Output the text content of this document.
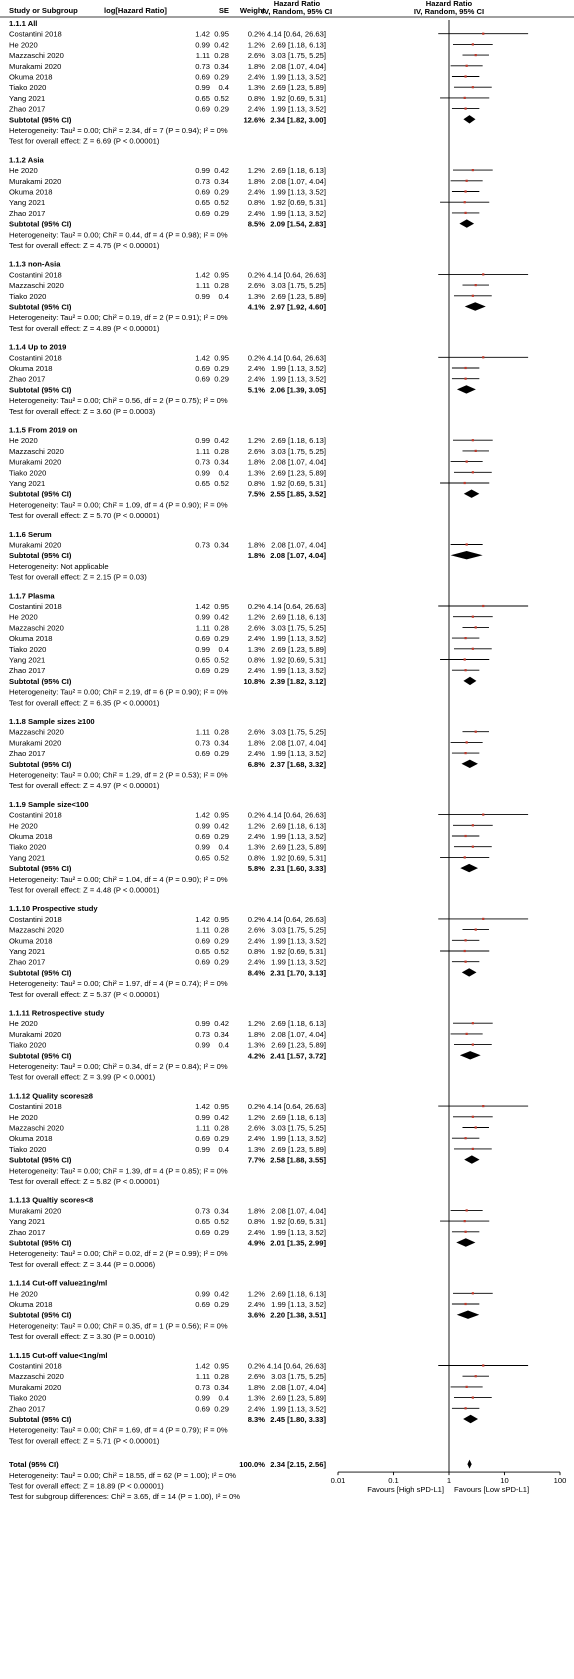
Study or Subgroup	log[Hazard Ratio]	SE Weight
Hazard Ratio
IV, Random, 95% CI
Hazard Ratio
IV, Random, 95% CI
1.1.1 All
Costantini 2018	1.42 0.95 0.2% 4.14 [0.64, 26.63]
He 2020	0.99 0.42 1.2% 2.69 [1.18, 6.13]
Mazzaschi 2020	1.11 0.28 2.6% 3.03 [1.75, 5.25]
Murakami 2020	0.73 0.34 1.8% 2.08 [1.07, 4.04]
Okuma 2018	0.69 0.29 2.4% 1.99 [1.13, 3.52]
Tiako 2020	0.99 0.4 1.3% 2.69 [1.23, 5.89]
Yang 2021	0.65 0.52 0.8% 1.92 [0.69, 5.31]
Zhao 2017	0.69 0.29 2.4% 1.99 [1.13, 3.52]
Subtotal (95% CI)	12.6% 2.34 [1.82, 3.00]
Heterogeneity: Tau² = 0.00; Chi² = 2.34, df = 7 (P = 0.94); I² = 0%
Test for overall effect: Z = 6.69 (P < 0.00001)
1.1.2 Asia
He 2020	0.99 0.42 1.2% 2.69 [1.18, 6.13]
Murakami 2020	0.73 0.34 1.8% 2.08 [1.07, 4.04]
Okuma 2018	0.69 0.29 2.4% 1.99 [1.13, 3.52]
Yang 2021	0.65 0.52 0.8% 1.92 [0.69, 5.31]
Zhao 2017	0.69 0.29 2.4% 1.99 [1.13, 3.52]
Subtotal (95% CI)	8.5% 2.09 [1.54, 2.83]
Heterogeneity: Tau² = 0.00; Chi² = 0.44, df = 4 (P = 0.98); I² = 0%
Test for overall effect: Z = 4.75 (P < 0.00001)
1.1.3 non-Asia
Costantini 2018	1.42 0.95 0.2% 4.14 [0.64, 26.63]
Mazzaschi 2020	1.11 0.28 2.6% 3.03 [1.75, 5.25]
Tiako 2020	0.99 0.4 1.3% 2.69 [1.23, 5.89]
Subtotal (95% CI)	4.1% 2.97 [1.92, 4.60]
Heterogeneity: Tau² = 0.00; Chi² = 0.19, df = 2 (P = 0.91); I² = 0%
Test for overall effect: Z = 4.89 (P < 0.00001)
1.1.4 Up to 2019
Costantini 2018	1.42 0.95 0.2% 4.14 [0.64, 26.63]
Okuma 2018	0.69 0.29 2.4% 1.99 [1.13, 3.52]
Zhao 2017	0.69 0.29 2.4% 1.99 [1.13, 3.52]
Subtotal (95% CI)	5.1% 2.06 [1.39, 3.05]
Heterogeneity: Tau² = 0.00; Chi² = 0.56, df = 2 (P = 0.75); I² = 0%
Test for overall effect: Z = 3.60 (P = 0.0003)
1.1.5 From 2019 on
He 2020	0.99 0.42 1.2% 2.69 [1.18, 6.13]
Mazzaschi 2020	1.11 0.28 2.6% 3.03 [1.75, 5.25]
Murakami 2020	0.73 0.34 1.8% 2.08 [1.07, 4.04]
Tiako 2020	0.99 0.4 1.3% 2.69 [1.23, 5.89]
Yang 2021	0.65 0.52 0.8% 1.92 [0.69, 5.31]
Subtotal (95% CI)	7.5% 2.55 [1.85, 3.52]
Heterogeneity: Tau² = 0.00; Chi² = 1.09, df = 4 (P = 0.90); I² = 0%
Test for overall effect: Z = 5.70 (P < 0.00001)
1.1.6 Serum
Murakami 2020	0.73 0.34 1.8% 2.08 [1.07, 4.04]
Subtotal (95% CI)	1.8% 2.08 [1.07, 4.04]
Heterogeneity: Not applicable
Test for overall effect: Z = 2.15 (P = 0.03)
1.1.7 Plasma
Costantini 2018	1.42 0.95 0.2% 4.14 [0.64, 26.63]
He 2020	0.99 0.42 1.2% 2.69 [1.18, 6.13]
Mazzaschi 2020	1.11 0.28 2.6% 3.03 [1.75, 5.25]
Okuma 2018	0.69 0.29 2.4% 1.99 [1.13, 3.52]
Tiako 2020	0.99 0.4 1.3% 2.69 [1.23, 5.89]
Yang 2021	0.65 0.52 0.8% 1.92 [0.69, 5.31]
Zhao 2017	0.69 0.29 2.4% 1.99 [1.13, 3.52]
Subtotal (95% CI)	10.8% 2.39 [1.82, 3.12]
Heterogeneity: Tau² = 0.00; Chi² = 2.19, df = 6 (P = 0.90); I² = 0%
Test for overall effect: Z = 6.35 (P < 0.00001)
1.1.8 Sample sizes ≥100
Mazzaschi 2020	1.11 0.28 2.6% 3.03 [1.75, 5.25]
Murakami 2020	0.73 0.34 1.8% 2.08 [1.07, 4.04]
Zhao 2017	0.69 0.29 2.4% 1.99 [1.13, 3.52]
Subtotal (95% CI)	6.8% 2.37 [1.68, 3.32]
Heterogeneity: Tau² = 0.00; Chi² = 1.29, df = 2 (P = 0.53); I² = 0%
Test for overall effect: Z = 4.97 (P < 0.00001)
1.1.9 Sample size<100
Costantini 2018	1.42 0.95 0.2% 4.14 [0.64, 26.63]
He 2020	0.99 0.42 1.2% 2.69 [1.18, 6.13]
Okuma 2018	0.69 0.29 2.4% 1.99 [1.13, 3.52]
Tiako 2020	0.99 0.4 1.3% 2.69 [1.23, 5.89]
Yang 2021	0.65 0.52 0.8% 1.92 [0.69, 5.31]
Subtotal (95% CI)	5.8% 2.31 [1.60, 3.33]
Heterogeneity: Tau² = 0.00; Chi² = 1.04, df = 4 (P = 0.90); I² = 0%
Test for overall effect: Z = 4.48 (P < 0.00001)
1.1.10 Prospective study
Costantini 2018	1.42 0.95 0.2% 4.14 [0.64, 26.63]
Mazzaschi 2020	1.11 0.28 2.6% 3.03 [1.75, 5.25]
Okuma 2018	0.69 0.29 2.4% 1.99 [1.13, 3.52]
Yang 2021	0.65 0.52 0.8% 1.92 [0.69, 5.31]
Zhao 2017	0.69 0.29 2.4% 1.99 [1.13, 3.52]
Subtotal (95% CI)	8.4% 2.31 [1.70, 3.13]
Heterogeneity: Tau² = 0.00; Chi² = 1.97, df = 4 (P = 0.74); I² = 0%
Test for overall effect: Z = 5.37 (P < 0.00001)
1.1.11 Retrospective study
He 2020	0.99 0.42 1.2% 2.69 [1.18, 6.13]
Murakami 2020	0.73 0.34 1.8% 2.08 [1.07, 4.04]
Tiako 2020	0.99 0.4 1.3% 2.69 [1.23, 5.89]
Subtotal (95% CI)	4.2% 2.41 [1.57, 3.72]
Heterogeneity: Tau² = 0.00; Chi² = 0.34, df = 2 (P = 0.84); I² = 0%
Test for overall effect: Z = 3.99 (P < 0.0001)
1.1.12 Quality scores≥8
Costantini 2018	1.42 0.95 0.2% 4.14 [0.64, 26.63]
He 2020	0.99 0.42 1.2% 2.69 [1.18, 6.13]
Mazzaschi 2020	1.11 0.28 2.6% 3.03 [1.75, 5.25]
Okuma 2018	0.69 0.29 2.4% 1.99 [1.13, 3.52]
Tiako 2020	0.99 0.4 1.3% 2.69 [1.23, 5.89]
Subtotal (95% CI)	7.7% 2.58 [1.88, 3.55]
Heterogeneity: Tau² = 0.00; Chi² = 1.39, df = 4 (P = 0.85); I² = 0%
Test for overall effect: Z = 5.82 (P < 0.00001)
1.1.13 Qualtiy scores<8
Murakami 2020	0.73 0.34 1.8% 2.08 [1.07, 4.04]
Yang 2021	0.65 0.52 0.8% 1.92 [0.69, 5.31]
Zhao 2017	0.69 0.29 2.4% 1.99 [1.13, 3.52]
Subtotal (95% CI)	4.9% 2.01 [1.35, 2.99]
Heterogeneity: Tau² = 0.00; Chi² = 0.02, df = 2 (P = 0.99); I² = 0%
Test for overall effect: Z = 3.44 (P = 0.0006)
1.1.14 Cut-off value≥1ng/ml
He 2020	0.99 0.42 1.2% 2.69 [1.18, 6.13]
Okuma 2018	0.69 0.29 2.4% 1.99 [1.13, 3.52]
Subtotal (95% CI)	3.6% 2.20 [1.38, 3.51]
Heterogeneity: Tau² = 0.00; Chi² = 0.35, df = 1 (P = 0.56); I² = 0%
Test for overall effect: Z = 3.30 (P = 0.0010)
1.1.15 Cut-off value<1ng/ml
Costantini 2018	1.42 0.95 0.2% 4.14 [0.64, 26.63]
Mazzaschi 2020	1.11 0.28 2.6% 3.03 [1.75, 5.25]
Murakami 2020	0.73 0.34 1.8% 2.08 [1.07, 4.04]
Tiako 2020	0.99 0.4 1.3% 2.69 [1.23, 5.89]
Zhao 2017	0.69 0.29 2.4% 1.99 [1.13, 3.52]
Subtotal (95% CI)	8.3% 2.45 [1.80, 3.33]
Heterogeneity: Tau² = 0.00; Chi² = 1.69, df = 4 (P = 0.79); I² = 0%
Test for overall effect: Z = 5.71 (P < 0.00001)
Total (95% CI)	100.0% 2.34 [2.15, 2.56]
Heterogeneity: Tau² = 0.00; Chi² = 18.55, df = 62 (P = 1.00); I² = 0%
Test for overall effect: Z = 18.89 (P < 0.00001)
Test for subgroup differences: Chi² = 3.65, df = 14 (P = 1.00), I² = 0%
0.01	0.1	1	10	100
Favours [High sPD-L1] Favours [Low sPD-L1]
